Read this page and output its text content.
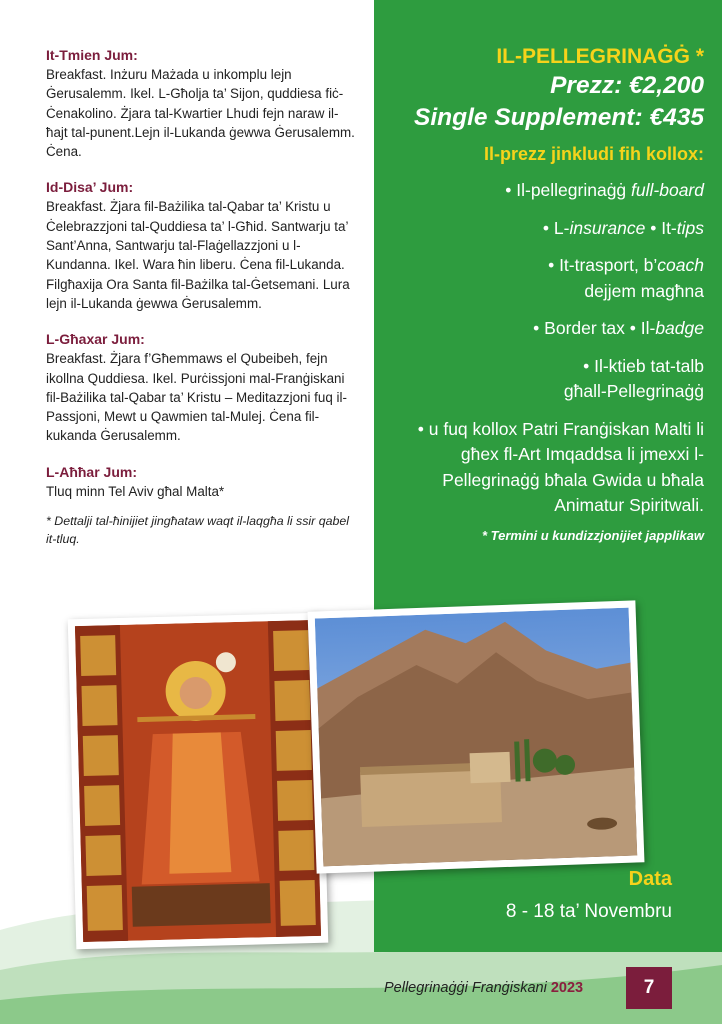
It-Tmien Jum:

Breakfast. Inżuru Mażada u inkomplu lejn Ġerusalemm. Ikel. L-Għolja ta’ Sijon, quddiesa fiċ-Ċenakolino. Żjara tal-Kwartier Lhudi fejn naraw il-ħajt tal-punent.Lejn il-Lukanda ġewwa Ġerusalemm. Ċena.

Id-Disa’ Jum:

Breakfast. Żjara fil-Bażilika tal-Qabar ta’ Kristu u Ċelebrazzjoni tal-Quddiesa ta’ l-Għid. Santwarju ta’ Sant’Anna, Santwarju tal-Flaġellazzjoni u l-Kundanna. Ikel. Wara ħin liberu. Ċena fil-Lukanda. Filgħaxija Ora Santa fil-Bażilka tal-Ġetsemani. Lura lejn il-Lukanda ġewwa Ġerusalemm.

L-Għaxar Jum:

Breakfast. Żjara f’Għemmaws el Qubeibeh, fejn ikollna Quddiesa. Ikel. Purċissjoni mal-Franġiskani fil-Bażilika tal-Qabar ta’ Kristu – Meditazzjoni fuq il-Passjoni, Mewt u Qawmien tal-Mulej. Ċena fil-kukanda Ġerusalemm.

L-Aħħar Jum:

Tluq minn Tel Aviv għal Malta*

* Dettalji tal-ħinijiet jingħataw waqt il-laqgħa li ssir qabel it-tluq.

IL-PELLEGRINAĠĠ *
Prezz: €2,200
Single Supplement: €435
Il-prezz jinkludi fih kollox:
• Il-pellegrinaġġ full-board
• L-insurance • It-tips
• It-trasport, b’coach
dejjem magħna
• Border tax • Il-badge
• Il-ktieb tat-talb
għall-Pellegrinaġġ
• u fuq kollox Patri Franġiskan Malti li għex fl-Art Imqaddsa li jmexxi l-Pellegrinaġġ bħala Gwida u bħala Animatur Spiritwali.
* Termini u kundizzjonijiet japplikaw
Data
8 - 18 ta’ Novembru
Pellegrinaġġi Franġiskani 2023	7
